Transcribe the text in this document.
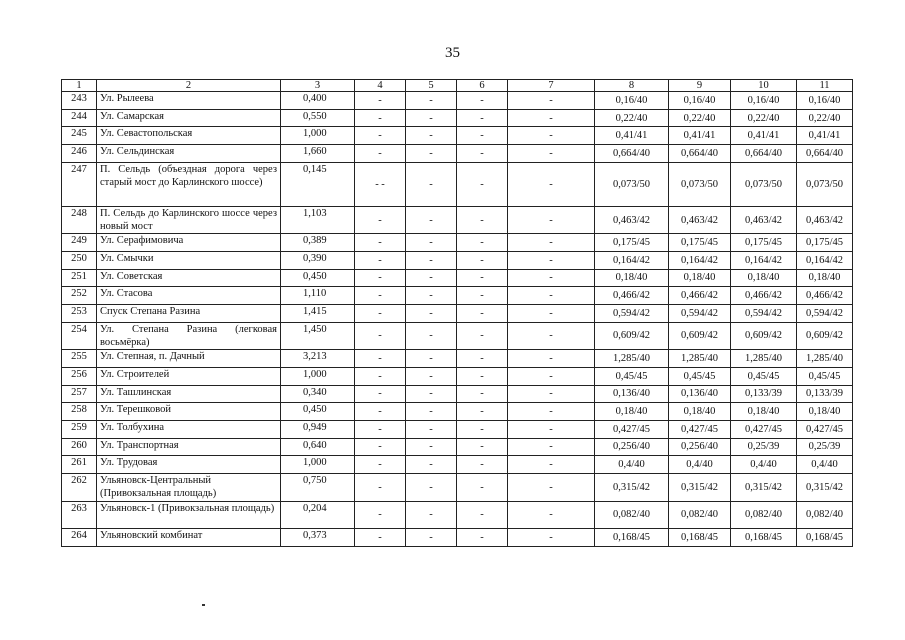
35
1	2	3	4	5	6	7	8	9	10	11
243	Ул. Рылеева	0,400	-	-	-	-	0,16/40	0,16/40	0,16/40	0,16/40
244	Ул. Самарская	0,550	-	-	-	-	0,22/40	0,22/40	0,22/40	0,22/40
245	Ул. Севастопольская	1,000	-	-	-	-	0,41/41	0,41/41	0,41/41	0,41/41
246	Ул. Сельдинская	1,660	-	-	-	-	0,664/40	0,664/40	0,664/40	0,664/40
247	П. Сельдь (объездная дорога через старый мост до Карлинского шоссе)	0,145	- -	-	-	-	0,073/50	0,073/50	0,073/50	0,073/50
248	П. Сельдь до Карлинского шоссе через новый мост	1,103	-	-	-	-	0,463/42	0,463/42	0,463/42	0,463/42
249	Ул. Серафимовича	0,389	-	-	-	-	0,175/45	0,175/45	0,175/45	0,175/45
250	Ул. Смычки	0,390	-	-	-	-	0,164/42	0,164/42	0,164/42	0,164/42
251	Ул. Советская	0,450	-	-	-	-	0,18/40	0,18/40	0,18/40	0,18/40
252	Ул. Стасова	1,110	-	-	-	-	0,466/42	0,466/42	0,466/42	0,466/42
253	Спуск Степана Разина	1,415	-	-	-	-	0,594/42	0,594/42	0,594/42	0,594/42
254	Ул. Степана Разина (легковая восьмёрка)	1,450	-	-	-	-	0,609/42	0,609/42	0,609/42	0,609/42
255	Ул. Степная, п. Дачный	3,213	-	-	-	-	1,285/40	1,285/40	1,285/40	1,285/40
256	Ул. Строителей	1,000	-	-	-	-	0,45/45	0,45/45	0,45/45	0,45/45
257	Ул. Ташлинская	0,340	-	-	-	-	0,136/40	0,136/40	0,133/39	0,133/39
258	Ул. Терешковой	0,450	-	-	-	-	0,18/40	0,18/40	0,18/40	0,18/40
259	Ул. Толбухина	0,949	-	-	-	-	0,427/45	0,427/45	0,427/45	0,427/45
260	Ул. Транспортная	0,640	-	-	-	-	0,256/40	0,256/40	0,25/39	0,25/39
261	Ул. Трудовая	1,000	-	-	-	-	0,4/40	0,4/40	0,4/40	0,4/40
262	Ульяновск-Центральный (Привокзальная площадь)	0,750	-	-	-	-	0,315/42	0,315/42	0,315/42	0,315/42
263	Ульяновск-1 (Привокзальная площадь)	0,204	-	-	-	-	0,082/40	0,082/40	0,082/40	0,082/40
264	Ульяновский комбинат	0,373	-	-	-	-	0,168/45	0,168/45	0,168/45	0,168/45
